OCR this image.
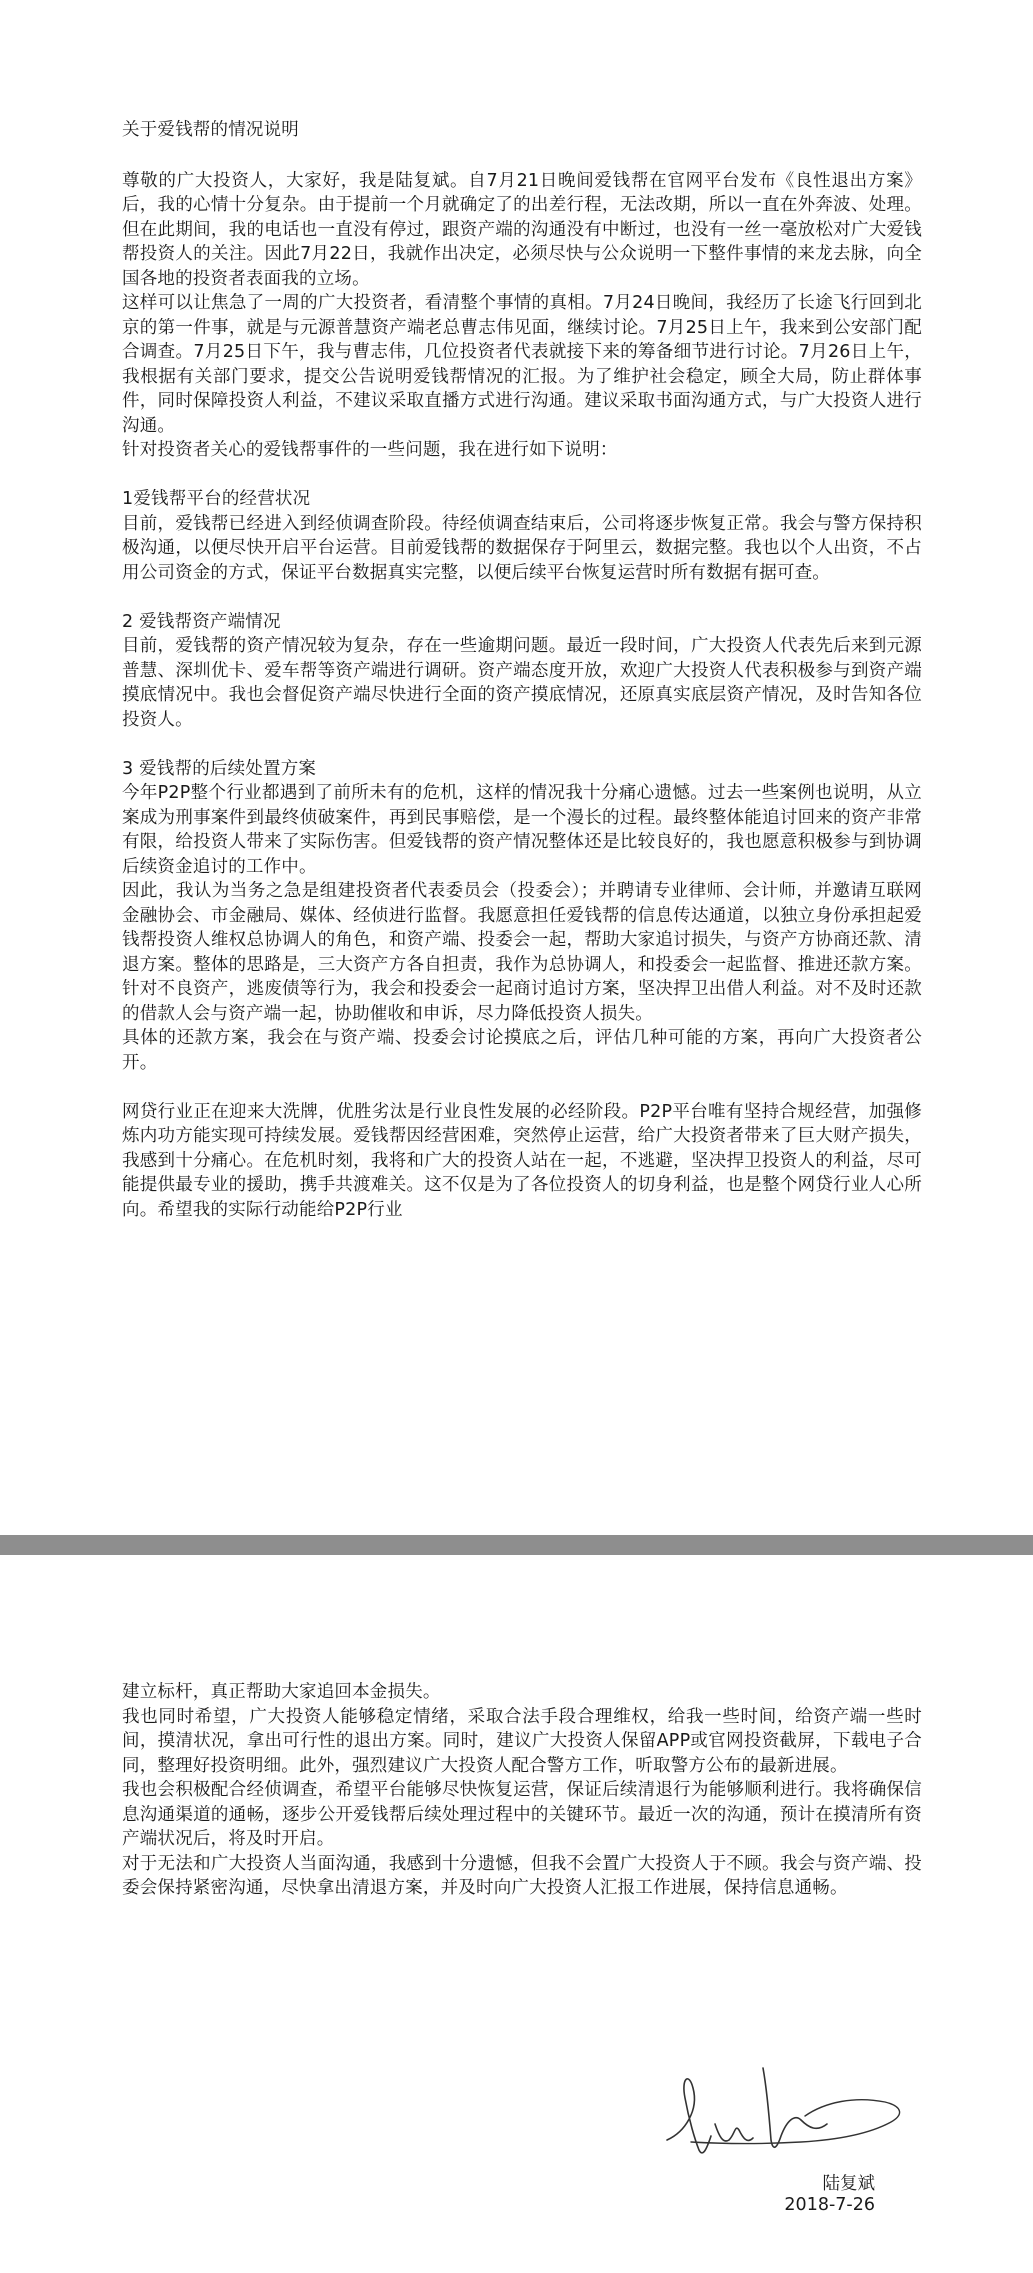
关于爱钱帮的情况说明

尊敬的广大投资人，大家好，我是陆复斌。自7月21日晚间爱钱帮在官网平台发布《良性退出方案》后，我的心情十分复杂。由于提前一个月就确定了的出差行程，无法改期，所以一直在外奔波、处理。但在此期间，我的电话也一直没有停过，跟资产端的沟通没有中断过，也没有一丝一毫放松对广大爱钱帮投资人的关注。因此7月22日，我就作出决定，必须尽快与公众说明一下整件事情的来龙去脉，向全国各地的投资者表面我的立场。

这样可以让焦急了一周的广大投资者，看清整个事情的真相。7月24日晚间，我经历了长途飞行回到北京的第一件事，就是与元源普慧资产端老总曹志伟见面，继续讨论。7月25日上午，我来到公安部门配合调查。7月25日下午，我与曹志伟，几位投资者代表就接下来的筹备细节进行讨论。7月26日上午，我根据有关部门要求，提交公告说明爱钱帮情况的汇报。为了维护社会稳定，顾全大局，防止群体事件，同时保障投资人利益，不建议采取直播方式进行沟通。建议采取书面沟通方式，与广大投资人进行沟通。

针对投资者关心的爱钱帮事件的一些问题，我在进行如下说明：

1爱钱帮平台的经营状况

目前，爱钱帮已经进入到经侦调查阶段。待经侦调查结束后，公司将逐步恢复正常。我会与警方保持积极沟通，以便尽快开启平台运营。目前爱钱帮的数据保存于阿里云，数据完整。我也以个人出资，不占用公司资金的方式，保证平台数据真实完整，以便后续平台恢复运营时所有数据有据可查。

2 爱钱帮资产端情况

目前，爱钱帮的资产情况较为复杂，存在一些逾期问题。最近一段时间，广大投资人代表先后来到元源普慧、深圳优卡、爱车帮等资产端进行调研。资产端态度开放，欢迎广大投资人代表积极参与到资产端摸底情况中。我也会督促资产端尽快进行全面的资产摸底情况，还原真实底层资产情况，及时告知各位投资人。

3 爱钱帮的后续处置方案

今年P2P整个行业都遇到了前所未有的危机，这样的情况我十分痛心遗憾。过去一些案例也说明，从立案成为刑事案件到最终侦破案件，再到民事赔偿，是一个漫长的过程。最终整体能追讨回来的资产非常有限，给投资人带来了实际伤害。但爱钱帮的资产情况整体还是比较良好的，我也愿意积极参与到协调后续资金追讨的工作中。

因此，我认为当务之急是组建投资者代表委员会（投委会）；并聘请专业律师、会计师，并邀请互联网金融协会、市金融局、媒体、经侦进行监督。我愿意担任爱钱帮的信息传达通道，以独立身份承担起爱钱帮投资人维权总协调人的角色，和资产端、投委会一起，帮助大家追讨损失，与资产方协商还款、清退方案。整体的思路是，三大资产方各自担责，我作为总协调人，和投委会一起监督、推进还款方案。针对不良资产，逃废债等行为，我会和投委会一起商讨追讨方案，坚决捍卫出借人利益。对不及时还款的借款人会与资产端一起，协助催收和申诉，尽力降低投资人损失。

具体的还款方案，我会在与资产端、投委会讨论摸底之后，评估几种可能的方案，再向广大投资者公开。

网贷行业正在迎来大洗牌，优胜劣汰是行业良性发展的必经阶段。P2P平台唯有坚持合规经营，加强修炼内功方能实现可持续发展。爱钱帮因经营困难，突然停止运营，给广大投资者带来了巨大财产损失，我感到十分痛心。在危机时刻，我将和广大的投资人站在一起，不逃避，坚决捍卫投资人的利益，尽可能提供最专业的援助，携手共渡难关。这不仅是为了各位投资人的切身利益，也是整个网贷行业人心所向。希望我的实际行动能给P2P行业

建立标杆，真正帮助大家追回本金损失。

我也同时希望，广大投资人能够稳定情绪，采取合法手段合理维权，给我一些时间，给资产端一些时间，摸清状况，拿出可行性的退出方案。同时，建议广大投资人保留APP或官网投资截屏，下载电子合同，整理好投资明细。此外，强烈建议广大投资人配合警方工作，听取警方公布的最新进展。

我也会积极配合经侦调查，希望平台能够尽快恢复运营，保证后续清退行为能够顺利进行。我将确保信息沟通渠道的通畅，逐步公开爱钱帮后续处理过程中的关键环节。最近一次的沟通，预计在摸清所有资产端状况后，将及时开启。

对于无法和广大投资人当面沟通，我感到十分遗憾，但我不会置广大投资人于不顾。我会与资产端、投委会保持紧密沟通，尽快拿出清退方案，并及时向广大投资人汇报工作进展，保持信息通畅。

陆复斌
2018-7-26
